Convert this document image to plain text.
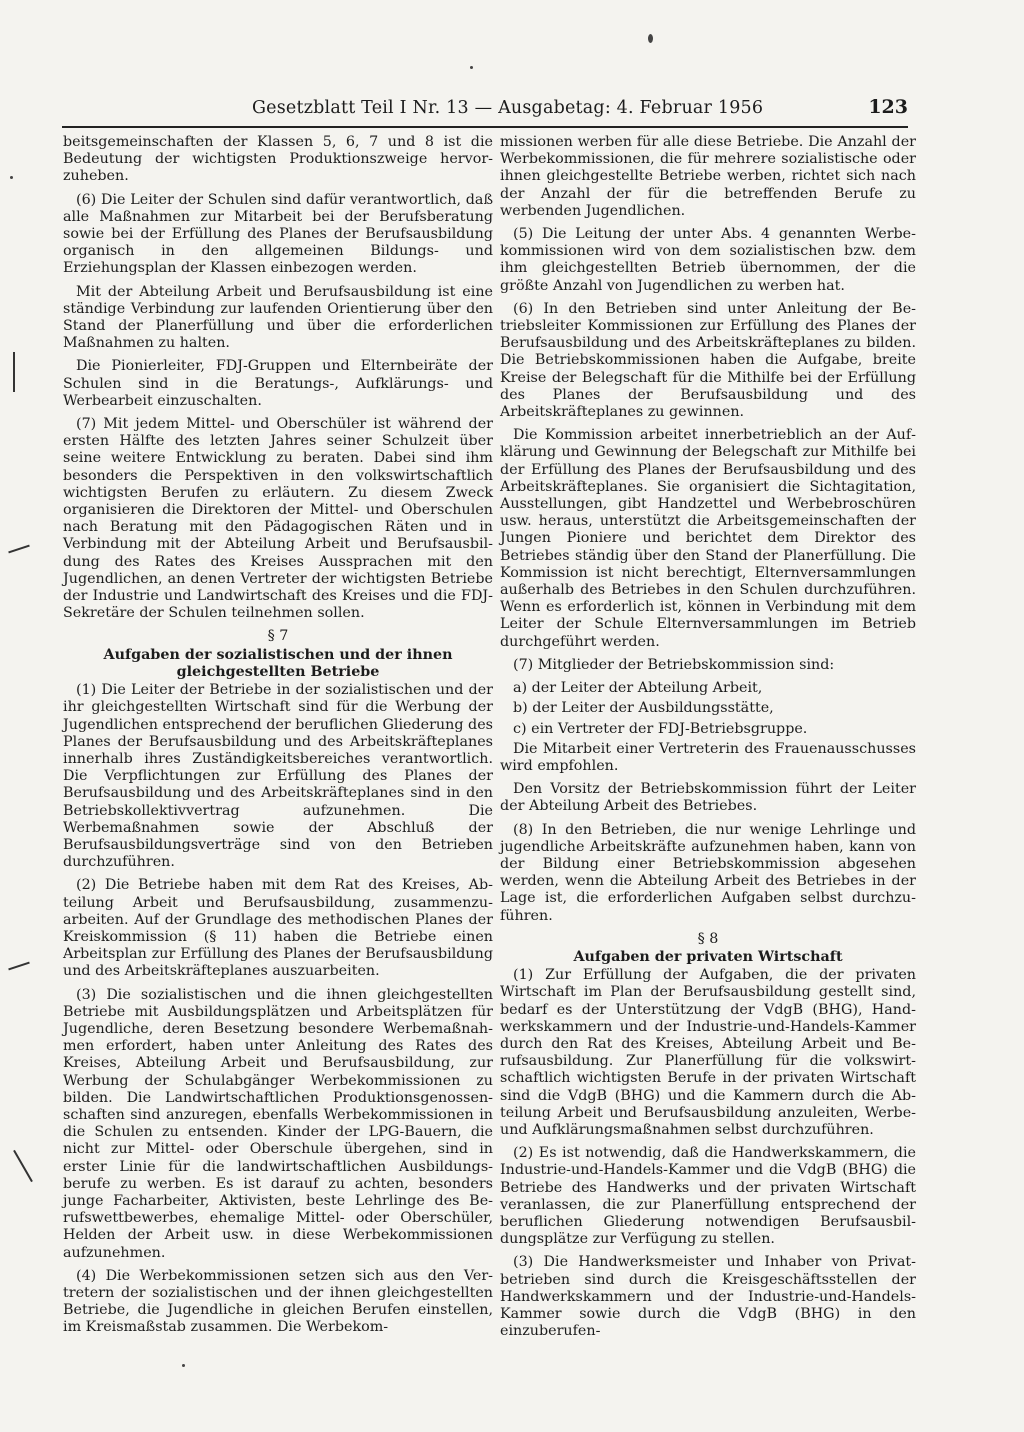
Gesetzblatt Teil I Nr. 13 — Ausgabetag: 4. Februar 1956	123

beitsgemeinschaften der Klassen 5, 6, 7 und 8 ist die Bedeutung der wichtigsten Produktionszweige hervorzuheben.

(6) Die Leiter der Schulen sind dafür verantwortlich, daß alle Maßnahmen zur Mitarbeit bei der Berufsberatung sowie bei der Erfüllung des Planes der Berufsausbildung organisch in den allgemeinen Bildungs- und Erziehungsplan der Klassen einbezogen werden.

Mit der Abteilung Arbeit und Berufsausbildung ist eine ständige Verbindung zur laufenden Orientierung über den Stand der Planerfüllung und über die erforderlichen Maßnahmen zu halten.

Die Pionierleiter, FDJ-Gruppen und Elternbeiräte der Schulen sind in die Beratungs-, Aufklärungs- und Werbearbeit einzuschalten.

(7) Mit jedem Mittel- und Oberschüler ist während der ersten Hälfte des letzten Jahres seiner Schulzeit über seine weitere Entwicklung zu beraten. Dabei sind ihm besonders die Perspektiven in den volkswirtschaftlich wichtigsten Berufen zu erläutern. Zu diesem Zweck organisieren die Direktoren der Mittel- und Oberschulen nach Beratung mit den Pädagogischen Räten und in Verbindung mit der Abteilung Arbeit und Berufsausbildung des Rates des Kreises Aussprachen mit den Jugendlichen, an denen Vertreter der wichtigsten Betriebe der Industrie und Landwirtschaft des Kreises und die FDJ-Sekretäre der Schulen teilnehmen sollen.

§ 7

Aufgaben der sozialistischen und der ihnen gleichgestellten Betriebe

(1) Die Leiter der Betriebe in der sozialistischen und der ihr gleichgestellten Wirtschaft sind für die Werbung der Jugendlichen entsprechend der beruflichen Gliederung des Planes der Berufsausbildung und des Arbeitskräfteplanes innerhalb ihres Zuständigkeitsbereiches verantwortlich. Die Verpflichtungen zur Erfüllung des Planes der Berufsausbildung und des Arbeitskräfteplanes sind in den Betriebskollektivvertrag aufzunehmen. Die Werbemaßnahmen sowie der Abschluß der Berufsausbildungsverträge sind von den Betrieben durchzuführen.

(2) Die Betriebe haben mit dem Rat des Kreises, Abteilung Arbeit und Berufsausbildung, zusammenzuarbeiten. Auf der Grundlage des methodischen Planes der Kreiskommission (§ 11) haben die Betriebe einen Arbeitsplan zur Erfüllung des Planes der Berufsausbildung und des Arbeitskräfteplanes auszuarbeiten.

(3) Die sozialistischen und die ihnen gleichgestellten Betriebe mit Ausbildungsplätzen und Arbeitsplätzen für Jugendliche, deren Besetzung besondere Werbemaßnahmen erfordert, haben unter Anleitung des Rates des Kreises, Abteilung Arbeit und Berufsausbildung, zur Werbung der Schulabgänger Werbekommissionen zu bilden. Die Landwirtschaftlichen Produktionsgenossenschaften sind anzuregen, ebenfalls Werbekommissionen in die Schulen zu entsenden. Kinder der LPG-Bauern, die nicht zur Mittel- oder Oberschule übergehen, sind in erster Linie für die landwirtschaftlichen Ausbildungsberufe zu werben. Es ist darauf zu achten, besonders junge Facharbeiter, Aktivisten, beste Lehrlinge des Berufswettbewerbes, ehemalige Mittel- oder Oberschüler, Helden der Arbeit usw. in diese Werbekommissionen aufzunehmen.

(4) Die Werbekommissionen setzen sich aus den Vertretern der sozialistischen und der ihnen gleichgestellten Betriebe, die Jugendliche in gleichen Berufen einstellen, im Kreismaßstab zusammen. Die Werbekom-

missionen werben für alle diese Betriebe. Die Anzahl der Werbekommissionen, die für mehrere sozialistische oder ihnen gleichgestellte Betriebe werben, richtet sich nach der Anzahl der für die betreffenden Berufe zu werbenden Jugendlichen.

(5) Die Leitung der unter Abs. 4 genannten Werbekommissionen wird von dem sozialistischen bzw. dem ihm gleichgestellten Betrieb übernommen, der die größte Anzahl von Jugendlichen zu werben hat.

(6) In den Betrieben sind unter Anleitung der Betriebsleiter Kommissionen zur Erfüllung des Planes der Berufsausbildung und des Arbeitskräfteplanes zu bilden. Die Betriebskommissionen haben die Aufgabe, breite Kreise der Belegschaft für die Mithilfe bei der Erfüllung des Planes der Berufsausbildung und des Arbeitskräfteplanes zu gewinnen.

Die Kommission arbeitet innerbetrieblich an der Aufklärung und Gewinnung der Belegschaft zur Mithilfe bei der Erfüllung des Planes der Berufsausbildung und des Arbeitskräfteplanes. Sie organisiert die Sichtagitation, Ausstellungen, gibt Handzettel und Werbebroschüren usw. heraus, unterstützt die Arbeitsgemeinschaften der Jungen Pioniere und berichtet dem Direktor des Betriebes ständig über den Stand der Planerfüllung. Die Kommission ist nicht berechtigt, Elternversammlungen außerhalb des Betriebes in den Schulen durchzuführen. Wenn es erforderlich ist, können in Verbindung mit dem Leiter der Schule Elternversammlungen im Betrieb durchgeführt werden.

(7) Mitglieder der Betriebskommission sind:

a) der Leiter der Abteilung Arbeit,

b) der Leiter der Ausbildungsstätte,

c) ein Vertreter der FDJ-Betriebsgruppe.

Die Mitarbeit einer Vertreterin des Frauenausschusses wird empfohlen.

Den Vorsitz der Betriebskommission führt der Leiter der Abteilung Arbeit des Betriebes.

(8) In den Betrieben, die nur wenige Lehrlinge und jugendliche Arbeitskräfte aufzunehmen haben, kann von der Bildung einer Betriebskommission abgesehen werden, wenn die Abteilung Arbeit des Betriebes in der Lage ist, die erforderlichen Aufgaben selbst durchzuführen.

§ 8

Aufgaben der privaten Wirtschaft

(1) Zur Erfüllung der Aufgaben, die der privaten Wirtschaft im Plan der Berufsausbildung gestellt sind, bedarf es der Unterstützung der VdgB (BHG), Handwerkskammern und der Industrie-und-Handels-Kammer durch den Rat des Kreises, Abteilung Arbeit und Berufsausbildung. Zur Planerfüllung für die volkswirtschaftlich wichtigsten Berufe in der privaten Wirtschaft sind die VdgB (BHG) und die Kammern durch die Abteilung Arbeit und Berufsausbildung anzuleiten, Werbe- und Aufklärungsmaßnahmen selbst durchzuführen.

(2) Es ist notwendig, daß die Handwerkskammern, die Industrie-und-Handels-Kammer und die VdgB (BHG) die Betriebe des Handwerks und der privaten Wirtschaft veranlassen, die zur Planerfüllung entsprechend der beruflichen Gliederung notwendigen Berufsausbildungsplätze zur Verfügung zu stellen.

(3) Die Handwerksmeister und Inhaber von Privatbetrieben sind durch die Kreisgeschäftsstellen der Handwerkskammern und der Industrie-und-Handels-Kammer sowie durch die VdgB (BHG) in den einzuberufen-
